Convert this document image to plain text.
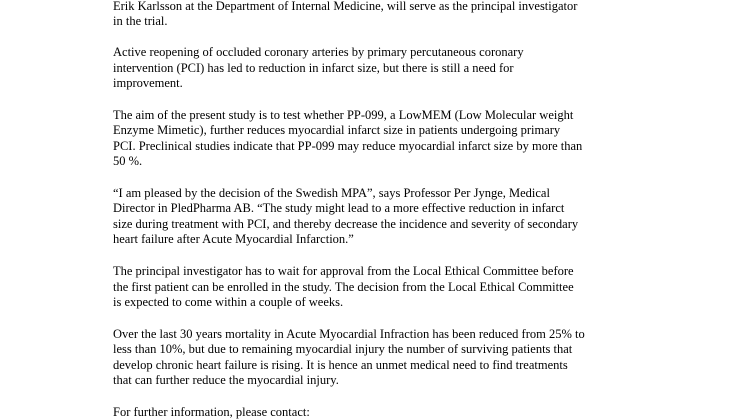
Erik Karlsson at the Department of Internal Medicine, will serve as the principal investigator
in the trial.
Active reopening of occluded coronary arteries by primary percutaneous coronary
intervention (PCI) has led to reduction in infarct size, but there is still a need for
improvement.
The aim of the present study is to test whether PP-099, a LowMEM (Low Molecular weight
Enzyme Mimetic), further reduces myocardial infarct size in patients undergoing primary
PCI. Preclinical studies indicate that PP-099 may reduce myocardial infarct size by more than
50 %.
“I am pleased by the decision of the Swedish MPA”, says Professor Per Jynge, Medical
Director in PledPharma AB. “The study might lead to a more effective reduction in infarct
size during treatment with PCI, and thereby decrease the incidence and severity of secondary
heart failure after Acute Myocardial Infarction.”
The principal investigator has to wait for approval from the Local Ethical Committee before
the first patient can be enrolled in the study. The decision from the Local Ethical Committee
is expected to come within a couple of weeks.
Over the last 30 years mortality in Acute Myocardial Infraction has been reduced from 25% to
less than 10%, but due to remaining myocardial injury the number of surviving patients that
develop chronic heart failure is rising. It is hence an unmet medical need to find treatments
that can further reduce the myocardial injury.
For further information, please contact:
